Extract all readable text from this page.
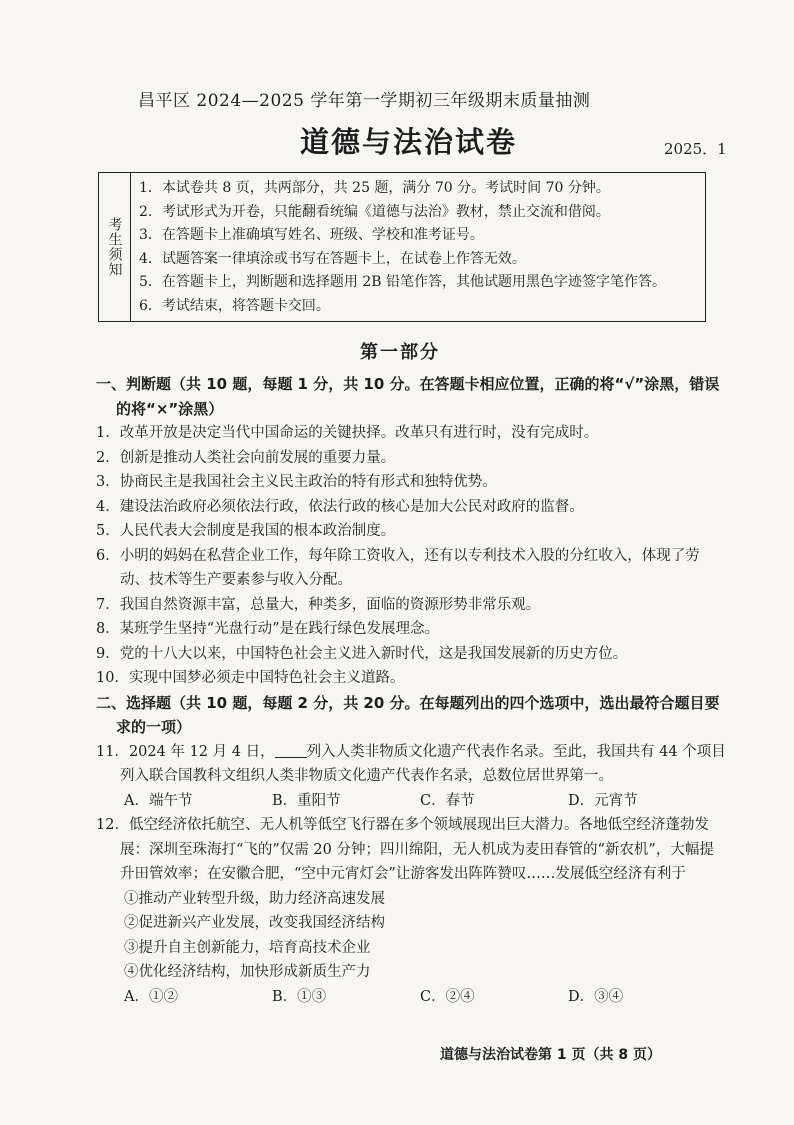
昌平区 2024—2025 学年第一学期初三年级期末质量抽测
道德与法治试卷	2025．1
考生须知
1．本试卷共 8 页，共两部分，共 25 题，满分 70 分。考试时间 70 分钟。
2．考试形式为开卷，只能翻看统编《道德与法治》教材，禁止交流和借阅。
3．在答题卡上准确填写姓名、班级、学校和准考证号。
4．试题答案一律填涂或书写在答题卡上，在试卷上作答无效。
5．在答题卡上，判断题和选择题用 2B 铅笔作答，其他试题用黑色字迹签字笔作答。
6．考试结束，将答题卡交回。
第一部分
一、判断题（共 10 题，每题 1 分，共 10 分。在答题卡相应位置，正确的将“√”涂黑，错误的将“×”涂黑）
1．改革开放是决定当代中国命运的关键抉择。改革只有进行时，没有完成时。
2．创新是推动人类社会向前发展的重要力量。
3．协商民主是我国社会主义民主政治的特有形式和独特优势。
4．建设法治政府必须依法行政，依法行政的核心是加大公民对政府的监督。
5．人民代表大会制度是我国的根本政治制度。
6．小明的妈妈在私营企业工作，每年除工资收入，还有以专利技术入股的分红收入，体现了劳动、技术等生产要素参与收入分配。
7．我国自然资源丰富，总量大，种类多，面临的资源形势非常乐观。
8．某班学生坚持“光盘行动”是在践行绿色发展理念。
9．党的十八大以来，中国特色社会主义进入新时代，这是我国发展新的历史方位。
10．实现中国梦必须走中国特色社会主义道路。
二、选择题（共 10 题，每题 2 分，共 20 分。在每题列出的四个选项中，选出最符合题目要求的一项）
11．2024 年 12 月 4 日， 列入人类非物质文化遗产代表作名录。至此，我国共有 44 个项目列入联合国教科文组织人类非物质文化遗产代表作名录，总数位居世界第一。
A．端午节	B．重阳节	C．春节	D．元宵节
12．低空经济依托航空、无人机等低空飞行器在多个领域展现出巨大潜力。各地低空经济蓬勃发展：深圳至珠海打“飞的”仅需 20 分钟；四川绵阳，无人机成为麦田春管的“新农机”，大幅提升田管效率；在安徽合肥，“空中元宵灯会”让游客发出阵阵赞叹……发展低空经济有利于
①推动产业转型升级，助力经济高速发展
②促进新兴产业发展，改变我国经济结构
③提升自主创新能力，培育高技术企业
④优化经济结构，加快形成新质生产力
A．①②	B．①③	C．②④	D．③④
道德与法治试卷第 1 页（共 8 页）
